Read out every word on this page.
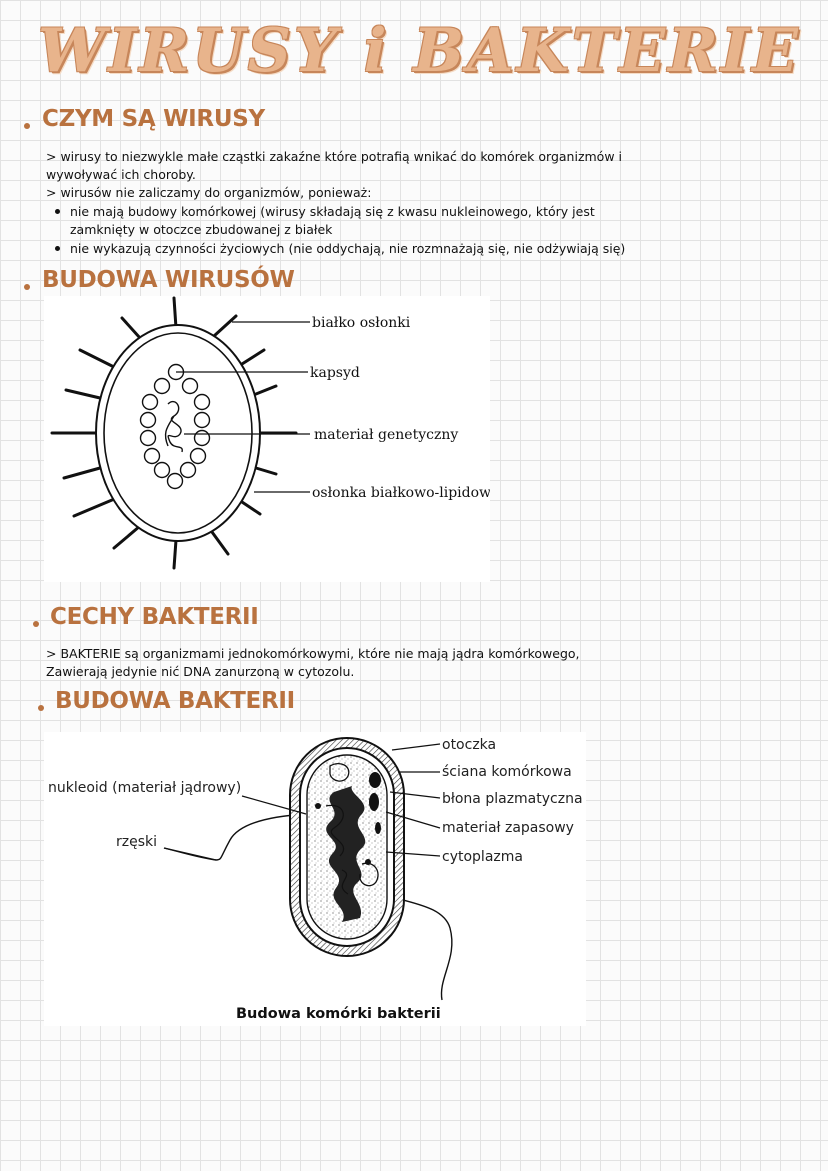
WIRUSY i BAKTERIE
CZYM SĄ WIRUSY
> wirusy to niezwykle małe cząstki zakaźne które potrafią wnikać do komórek organizmów i
wywoływać ich choroby.
> wirusów nie zaliczamy do organizmów, ponieważ:
nie mają budowy komórkowej (wirusy składają się z kwasu nukleinowego, który jest
zamknięty w otoczce zbudowanej z białek
nie wykazują czynności życiowych (nie oddychają, nie rozmnażają się, nie odżywiają się)
BUDOWA WIRUSÓW
białko osłonki
kapsyd
materiał genetyczny
osłonka białkowo-lipidowa
CECHY BAKTERII
> BAKTERIE są organizmami jednokomórkowymi, które nie mają jądra komórkowego,
Zawierają jedynie nić DNA zanurzoną w cytozolu.
BUDOWA BAKTERII
nukleoid (materiał jądrowy)
rzęski
otoczka
ściana komórkowa
błona plazmatyczna
materiał zapasowy
cytoplazma
Budowa komórki bakterii
